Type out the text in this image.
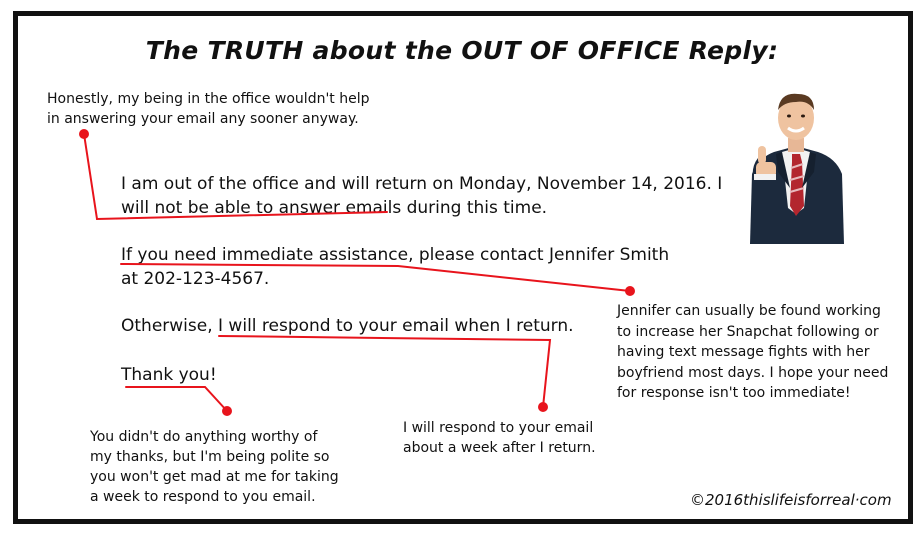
The TRUTH about the OUT OF OFFICE Reply:
Honestly, my being in the office wouldn't help
in answering your email any sooner anyway.
I am out of the office and will return on Monday, November 14, 2016. I
will not be able to answer emails during this time.
If you need immediate assistance, please contact Jennifer Smith
at 202-123-4567.
Otherwise, I will respond to your email when I return.
Thank you!
Jennifer can usually be found working
to increase her Snapchat following or
having text message fights with her
boyfriend most days. I hope your need
for response isn't too immediate!
I will respond to your email
about a week after I return.
You didn't do anything worthy of
my thanks, but I'm being polite so
you won't get mad at me for taking
a week to respond to you email.	©2016thislifeisforreal·com
